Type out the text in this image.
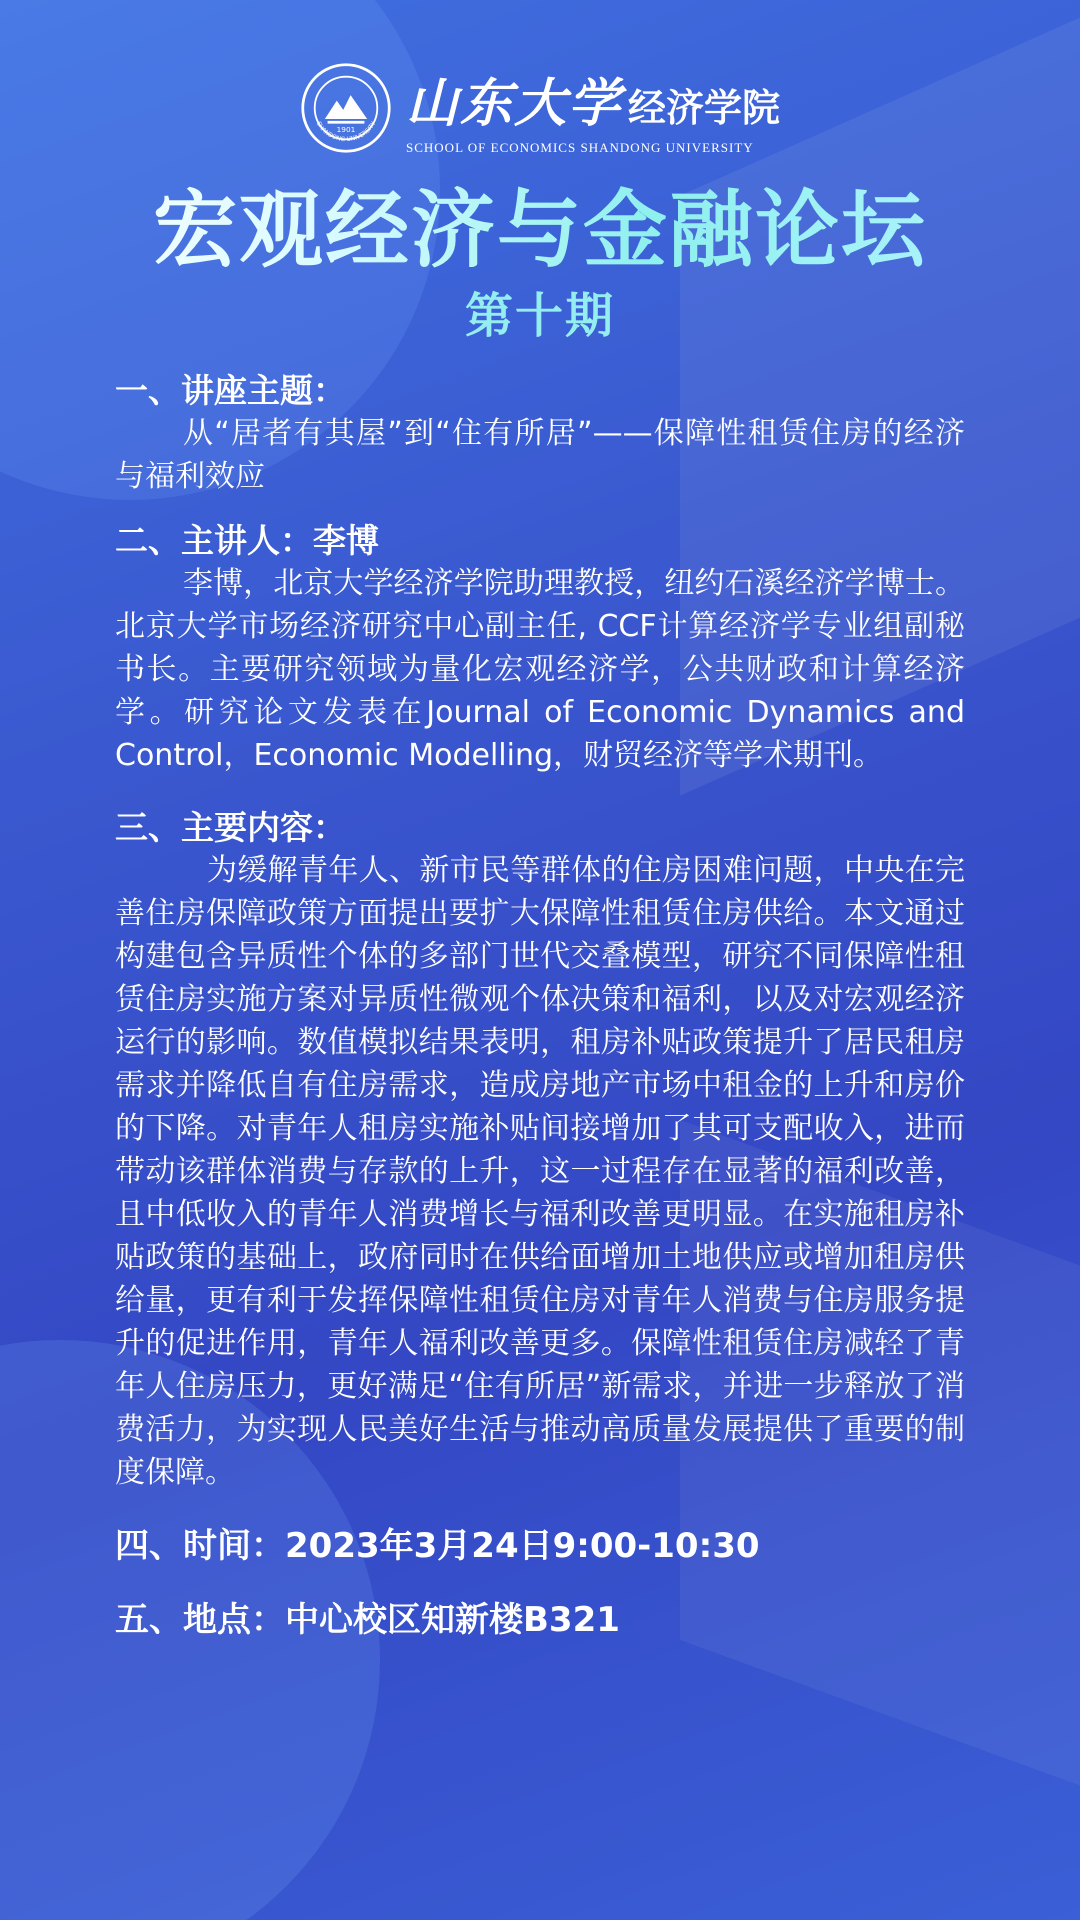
1901
SHANDONG UNIVERSITY 山东大学 经济学院
SCHOOL OF ECONOMICS SHANDONG UNIVERSITY
宏观经济与金融论坛
第十期

一、讲座主题：

从“居者有其屋”到“住有所居”——保障性租赁住房的经济与福利效应

二、主讲人：李博

李博，北京大学经济学院助理教授，纽约石溪经济学博士。北京大学市场经济研究中心副主任, CCF计算经济学专业组副秘书长。主要研究领域为量化宏观经济学，公共财政和计算经济学。研究论文发表在Journal of Economic Dynamics and Control，Economic Modelling，财贸经济等学术期刊。

三、主要内容：

为缓解青年人、新市民等群体的住房困难问题，中央在完善住房保障政策方面提出要扩大保障性租赁住房供给。本文通过构建包含异质性个体的多部门世代交叠模型，研究不同保障性租赁住房实施方案对异质性微观个体决策和福利，以及对宏观经济运行的影响。数值模拟结果表明，租房补贴政策提升了居民租房需求并降低自有住房需求，造成房地产市场中租金的上升和房价的下降。对青年人租房实施补贴间接增加了其可支配收入，进而带动该群体消费与存款的上升，这一过程存在显著的福利改善，且中低收入的青年人消费增长与福利改善更明显。在实施租房补贴政策的基础上，政府同时在供给面增加土地供应或增加租房供给量，更有利于发挥保障性租赁住房对青年人消费与住房服务提升的促进作用，青年人福利改善更多。保障性租赁住房减轻了青年人住房压力，更好满足“住有所居”新需求，并进一步释放了消费活力，为实现人民美好生活与推动高质量发展提供了重要的制度保障。

四、时间：2023年3月24日9:00-10:30

五、地点：中心校区知新楼B321
